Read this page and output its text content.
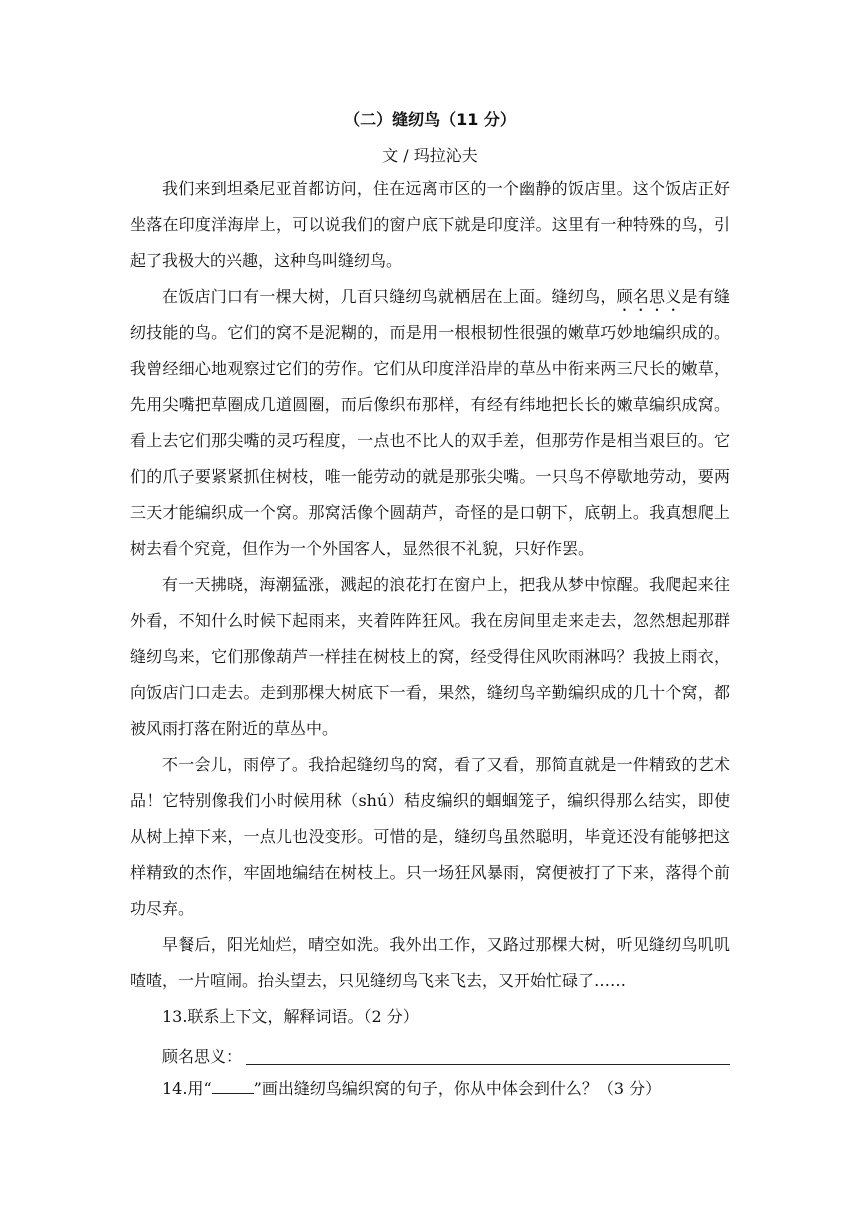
（二）缝纫鸟（11 分）
文 / 玛拉沁夫

我们来到坦桑尼亚首都访问，住在远离市区的一个幽静的饭店里。这个饭店正好坐落在印度洋海岸上，可以说我们的窗户底下就是印度洋。这里有一种特殊的鸟，引起了我极大的兴趣，这种鸟叫缝纫鸟。

在饭店门口有一棵大树，几百只缝纫鸟就栖居在上面。缝纫鸟，顾名思义是有缝纫技能的鸟。它们的窝不是泥糊的，而是用一根根韧性很强的嫩草巧妙地编织成的。我曾经细心地观察过它们的劳作。它们从印度洋沿岸的草丛中衔来两三尺长的嫩草，先用尖嘴把草圈成几道圆圈，而后像织布那样，有经有纬地把长长的嫩草编织成窝。看上去它们那尖嘴的灵巧程度，一点也不比人的双手差，但那劳作是相当艰巨的。它们的爪子要紧紧抓住树枝，唯一能劳动的就是那张尖嘴。一只鸟不停歇地劳动，要两三天才能编织成一个窝。那窝活像个圆葫芦，奇怪的是口朝下，底朝上。我真想爬上树去看个究竟，但作为一个外国客人，显然很不礼貌，只好作罢。

有一天拂晓，海潮猛涨，溅起的浪花打在窗户上，把我从梦中惊醒。我爬起来往外看，不知什么时候下起雨来，夹着阵阵狂风。我在房间里走来走去，忽然想起那群缝纫鸟来，它们那像葫芦一样挂在树枝上的窝，经受得住风吹雨淋吗？我披上雨衣，向饭店门口走去。走到那棵大树底下一看，果然，缝纫鸟辛勤编织成的几十个窝，都被风雨打落在附近的草丛中。

不一会儿，雨停了。我拾起缝纫鸟的窝，看了又看，那简直就是一件精致的艺术品！它特别像我们小时候用秫（shú）秸皮编织的蝈蝈笼子，编织得那么结实，即使从树上掉下来，一点儿也没变形。可惜的是，缝纫鸟虽然聪明，毕竟还没有能够把这样精致的杰作，牢固地编结在树枝上。只一场狂风暴雨，窝便被打了下来，落得个前功尽弃。

早餐后，阳光灿烂，晴空如洗。我外出工作，又路过那棵大树，听见缝纫鸟叽叽喳喳，一片喧闹。抬头望去，只见缝纫鸟飞来飞去，又开始忙碌了……

13.联系上下文，解释词语。（2 分）

顾名思义：

14.用“	”画出缝纫鸟编织窝的句子，你从中体会到什么？（3 分）
